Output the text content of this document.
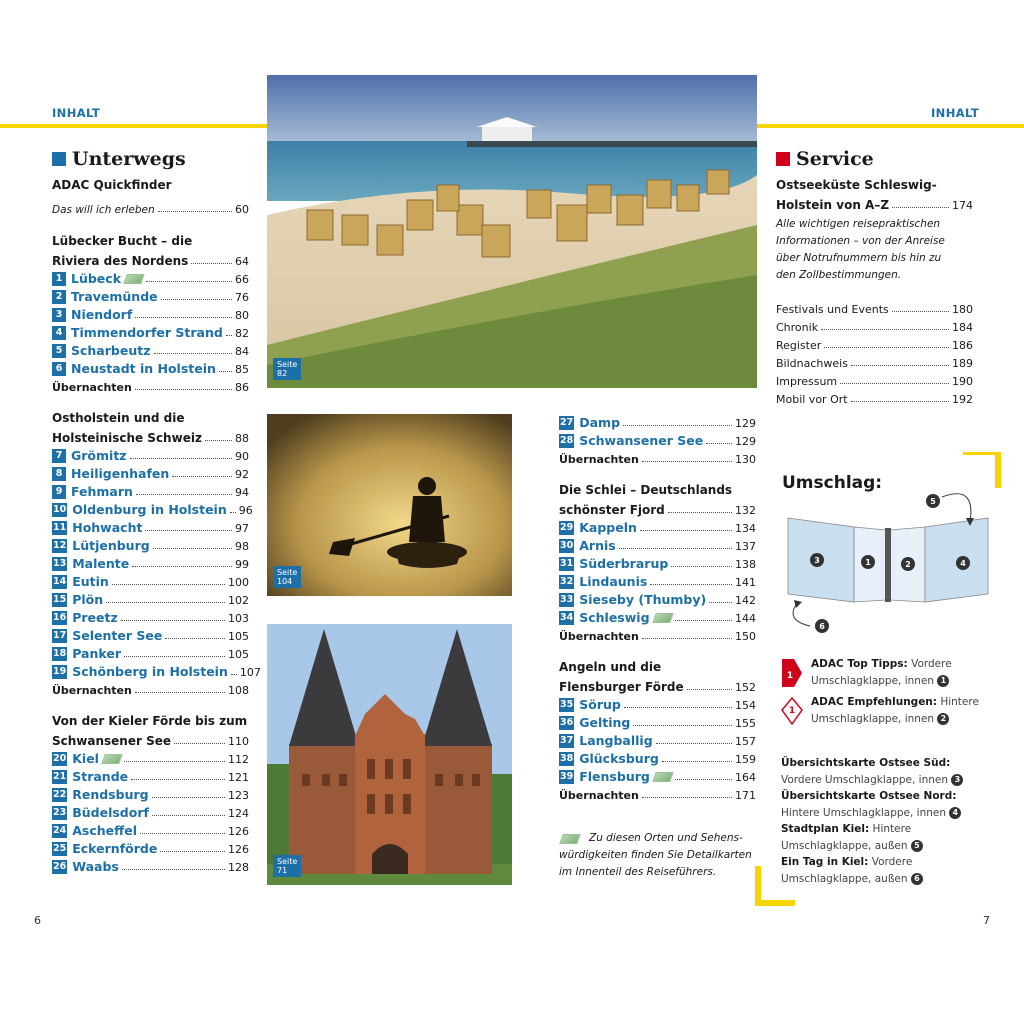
INHALT	INHALT
Unterwegs
ADAC Quickfinder
Das will ich erleben	60
Lübecker Bucht – die
Riviera des Nordens	64
1 Lübeck	66
2 Travemünde	76
3 Niendorf	80
4 Timmendorfer Strand 82
5 Scharbeutz	84
6 Neustadt in Holstein 85
Übernachten	86
Ostholstein und die
Holsteinische Schweiz	88
7 Grömitz	90
8 Heiligenhafen	92
9 Fehmarn	94
10 Oldenburg in Holstein 96
11 Hohwacht	97
12 Lütjenburg	98
13 Malente	99
14 Eutin	100
15 Plön	102
16 Preetz	103
17 Selenter See	105
18 Panker	105
19 Schönberg in Holstein 107
Übernachten	108
Von der Kieler Förde bis zum
Schwansener See	110
20 Kiel	112
21 Strande	121
22 Rendsburg	123
23 Büdelsdorf	124
24 Ascheffel	126
25 Eckernförde	126
26 Waabs	128
Seite
82
Seite
104
Seite
71
27 Damp	129
28 Schwansener See	129
Übernachten	130
Die Schlei – Deutschlands
schönster Fjord	132
29 Kappeln	134
30 Arnis	137
31 Süderbrarup	138
32 Lindaunis	141
33 Sieseby (Thumby)	142
34 Schleswig	144
Übernachten	150
Angeln und die
Flensburger Förde	152
35 Sörup	154
36 Gelting	155
37 Langballig	157
38 Glücksburg	159
39 Flensburg	164
Übernachten	171
Zu diesen Orten und Sehens-
würdigkeiten finden Sie Detailkarten
im Innenteil des Reiseführers.
Service
Ostseeküste Schleswig-
Holstein von A–Z	174
Alle wichtigen reisepraktischen
Informationen – von der Anreise
über Notrufnummern bis hin zu
den Zollbestimmungen.
Festivals und Events	180
Chronik	184
Register	186
Bildnachweis	189
Impressum	190
Mobil vor Ort	192
Umschlag:
5
3	1	2	4
6
1
ADAC Top Tipps: Vordere
Umschlagklappe, innen 1
1
ADAC Empfehlungen: Hintere
Umschlagklappe, innen 2
Übersichtskarte Ostsee Süd:
Vordere Umschlagklappe, innen 3
Übersichtskarte Ostsee Nord:
Hintere Umschlagklappe, innen 4
Stadtplan Kiel: Hintere
Umschlagklappe, außen 5
Ein Tag in Kiel: Vordere
Umschlagklappe, außen 6
6	7
